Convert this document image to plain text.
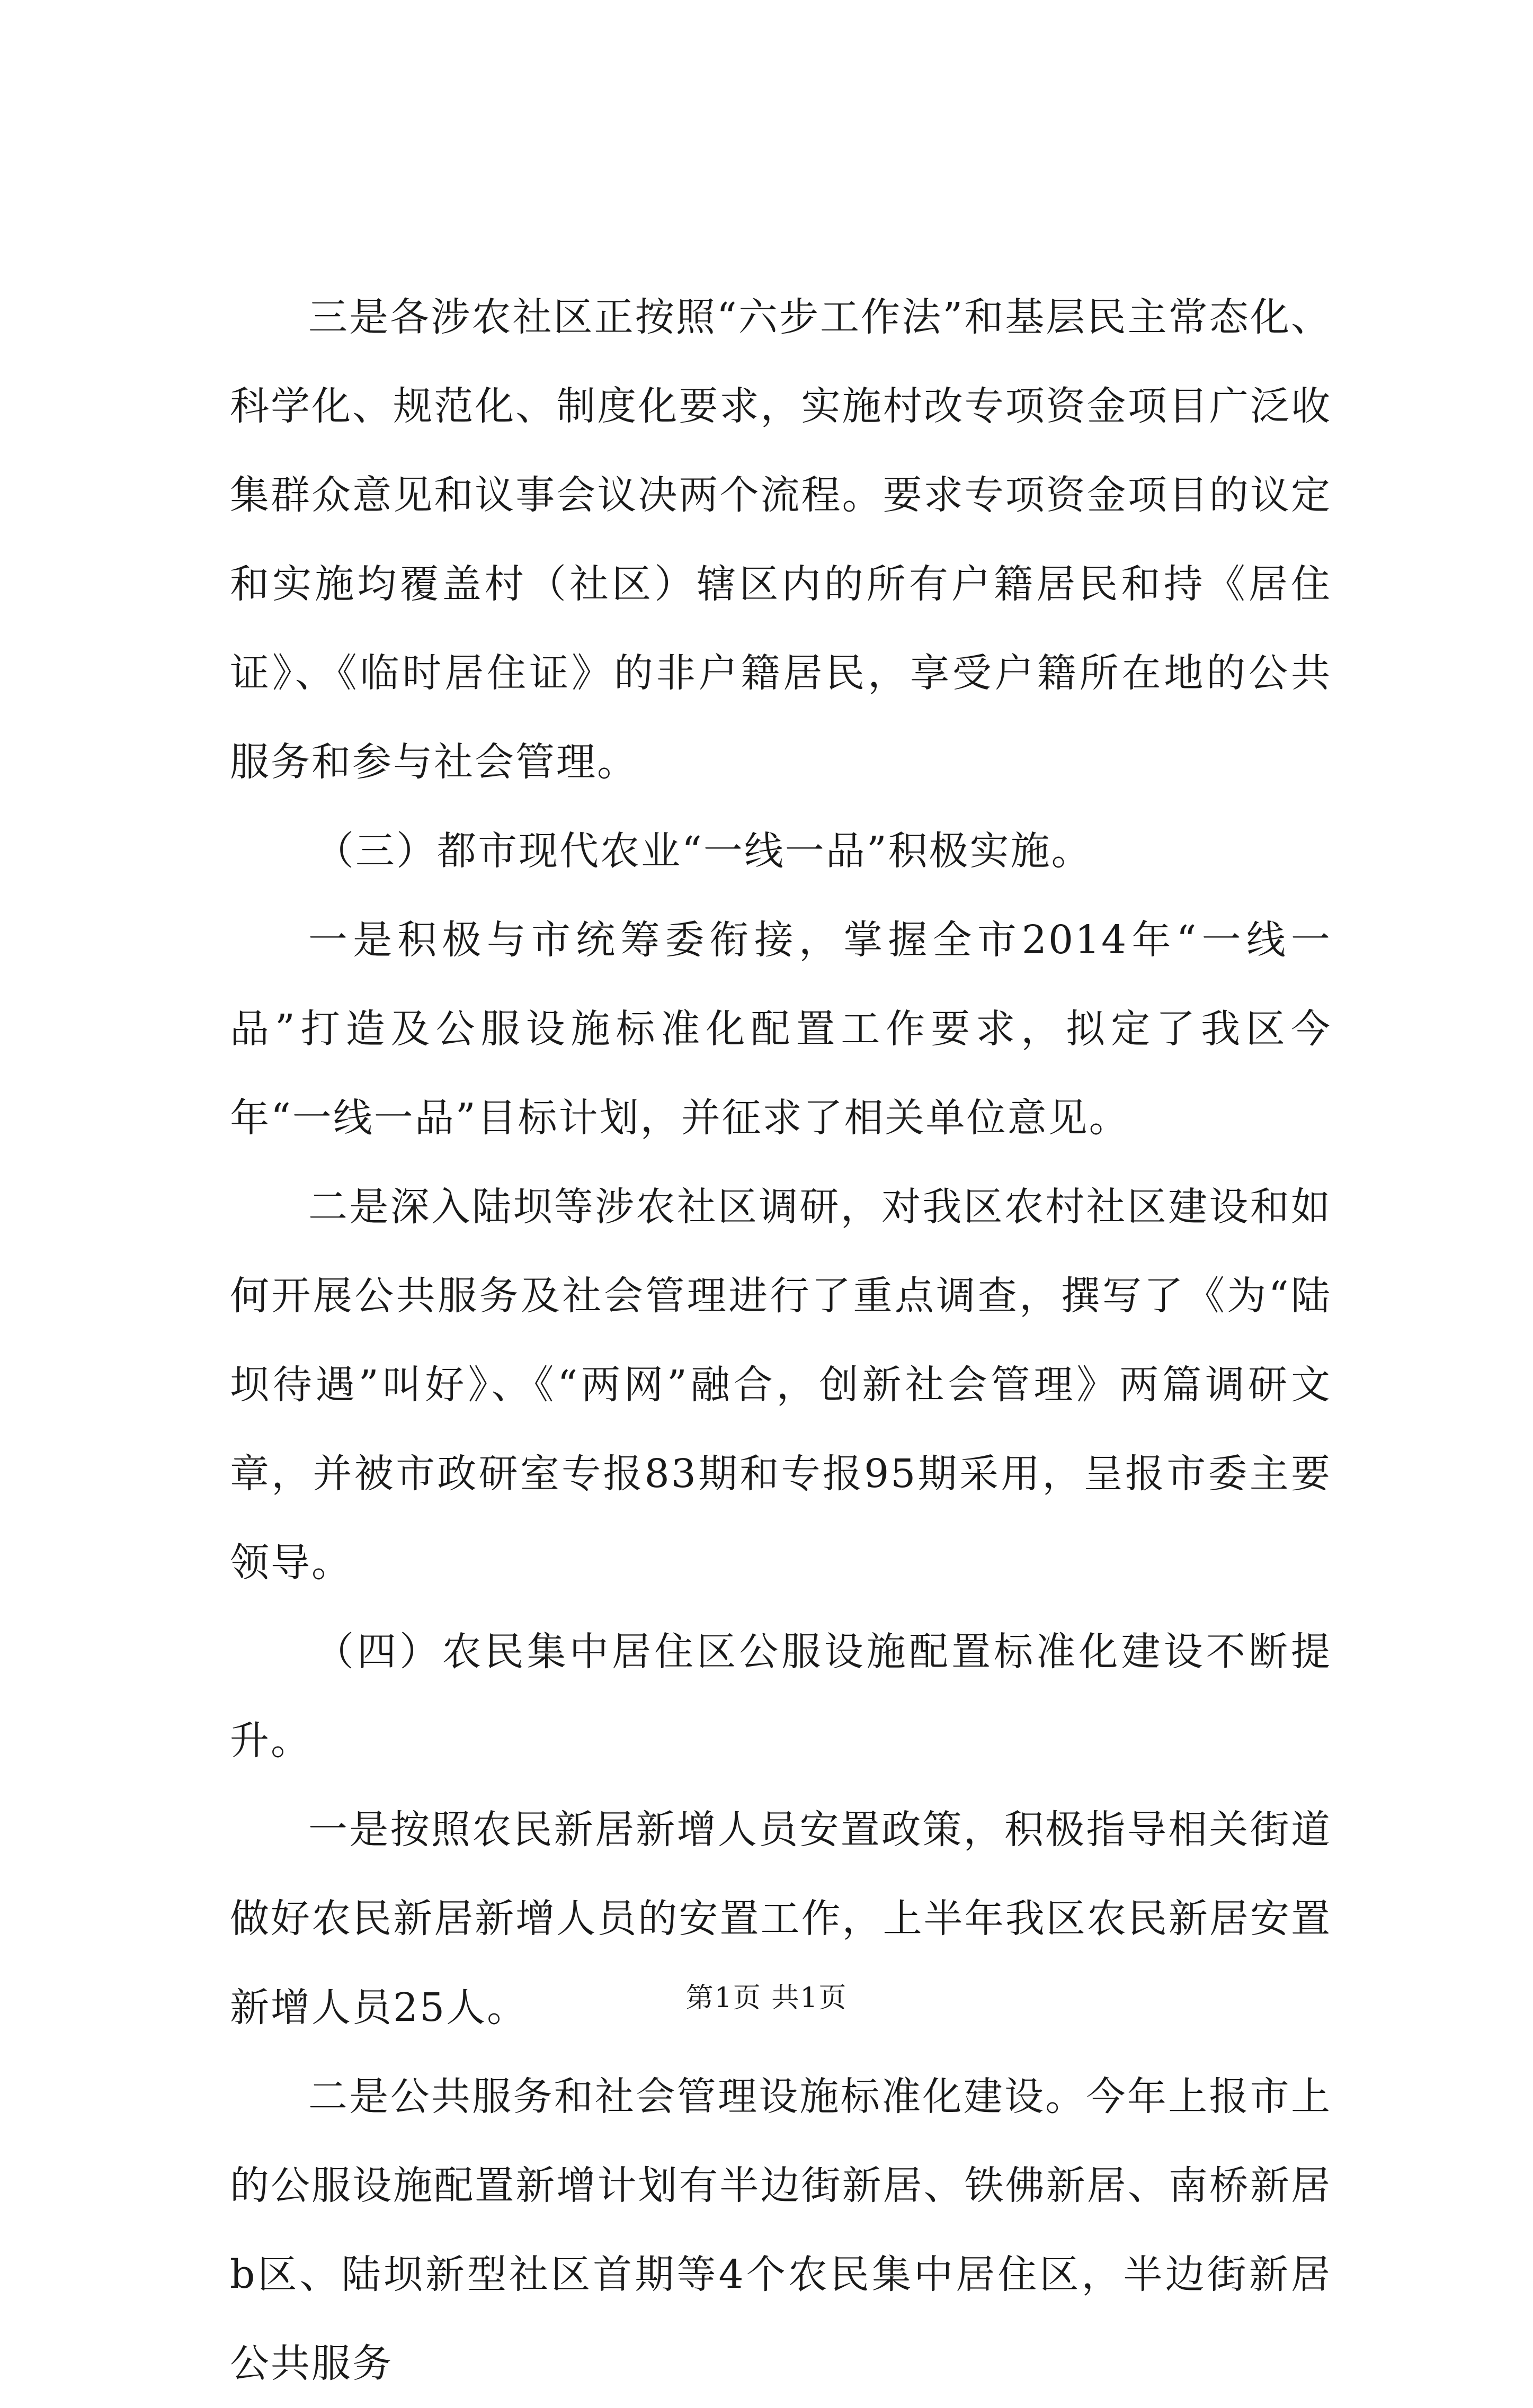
三是各涉农社区正按照“六步工作法”和基层民主常态化、科学化、规范化、制度化要求，实施村改专项资金项目广泛收集群众意见和议事会议决两个流程。要求专项资金项目的议定和实施均覆盖村（社区）辖区内的所有户籍居民和持《居住证》、《临时居住证》的非户籍居民，享受户籍所在地的公共服务和参与社会管理。

（三）都市现代农业“一线一品”积极实施。

一是积极与市统筹委衔接，掌握全市2014年“一线一品”打造及公服设施标准化配置工作要求，拟定了我区今年“一线一品”目标计划，并征求了相关单位意见。

二是深入陆坝等涉农社区调研，对我区农村社区建设和如何开展公共服务及社会管理进行了重点调查，撰写了《为“陆坝待遇”叫好》、《“两网”融合，创新社会管理》两篇调研文章，并被市政研室专报83期和专报95期采用，呈报市委主要领导。

（四）农民集中居住区公服设施配置标准化建设不断提升。

一是按照农民新居新增人员安置政策，积极指导相关街道做好农民新居新增人员的安置工作，上半年我区农民新居安置新增人员25人。

二是公共服务和社会管理设施标准化建设。今年上报市上的公服设施配置新增计划有半边街新居、铁佛新居、南桥新居b区、陆坝新型社区首期等4个农民集中居住区，半边街新居公共服务

第1页 共1页
